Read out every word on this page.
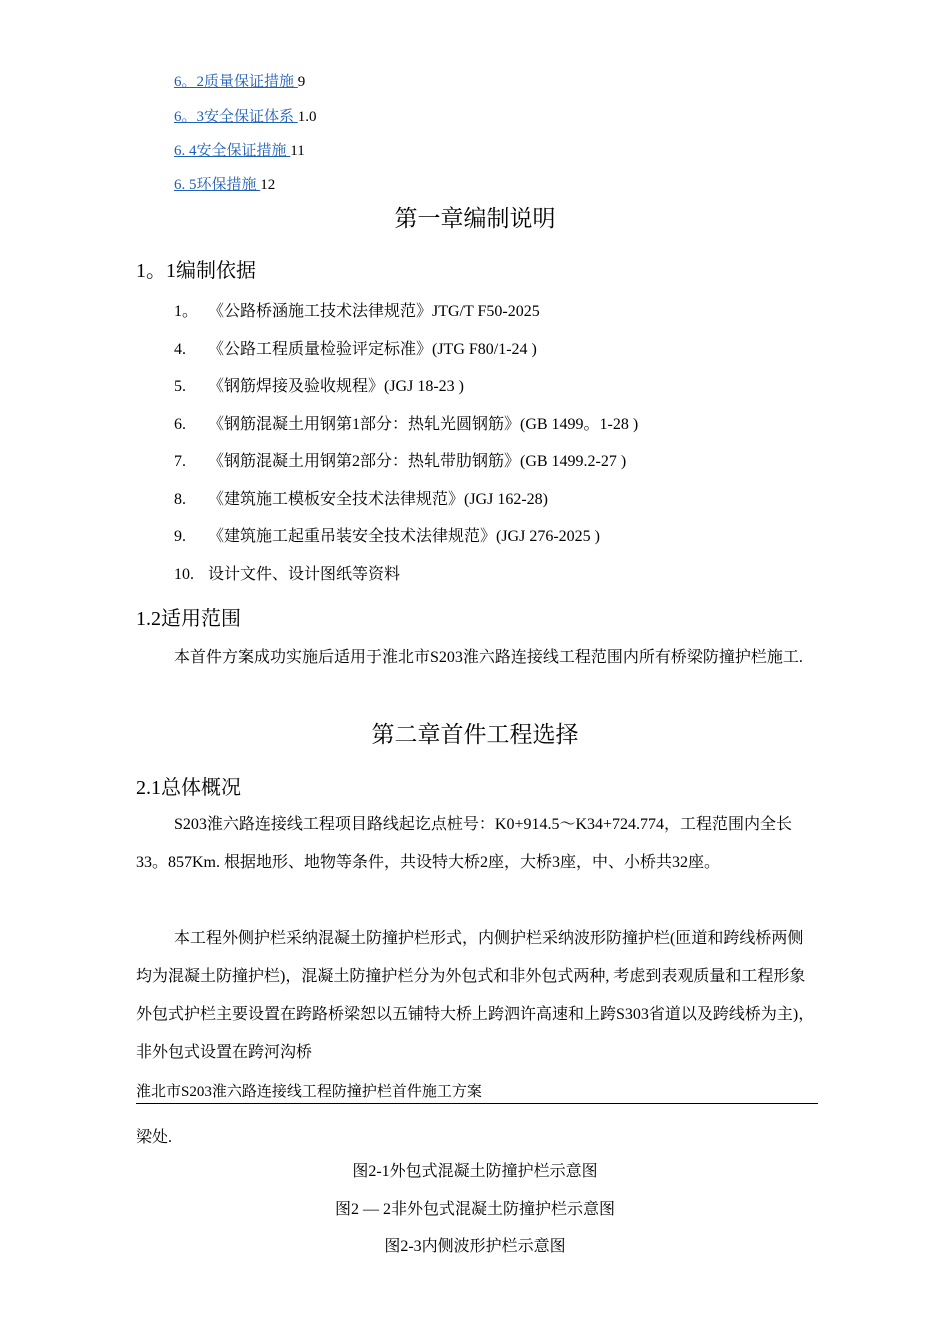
6。2质量保证措施 9
6。3安全保证体系 1.0
6. 4安全保证措施 11
6. 5环保措施 12
第一章编制说明
1。1编制依据
1。 《公路桥涵施工技术法律规范》JTG/T F50-2025
4. 《公路工程质量检验评定标准》(JTG F80/1-24 )
5. 《钢筋焊接及验收规程》(JGJ 18-23 )
6. 《钢筋混凝土用钢第1部分：热轧光圆钢筋》(GB 1499。1-28 )
7. 《钢筋混凝土用钢第2部分：热轧带肋钢筋》(GB 1499.2-27 )
8. 《建筑施工模板安全技术法律规范》(JGJ 162-28)
9. 《建筑施工起重吊装安全技术法律规范》(JGJ 276-2025 )
10. 设计文件、设计图纸等资料
1.2适用范围
本首件方案成功实施后适用于淮北市S203淮六路连接线工程范围内所有桥梁防撞护栏施工.
第二章首件工程选择
2.1总体概况
S203淮六路连接线工程项目路线起讫点桩号：K0+914.5〜K34+724.774，工程范围内全长33。857Km. 根据地形、地物等条件，共设特大桥2座，大桥3座，中、小桥共32座。
本工程外侧护栏采纳混凝土防撞护栏形式，内侧护栏采纳波形防撞护栏(匝道和跨线桥两侧均为混凝土防撞护栏)，混凝土防撞护栏分为外包式和非外包式两种, 考虑到表观质量和工程形象外包式护栏主要设置在跨路桥梁恕以五铺特大桥上跨泗许高速和上跨S303省道以及跨线桥为主)，非外包式设置在跨河沟桥
淮北市S203淮六路连接线工程防撞护栏首件施工方案
梁处.
图2-1外包式混凝土防撞护栏示意图
图2 — 2非外包式混凝土防撞护栏示意图
图2-3内侧波形护栏示意图
